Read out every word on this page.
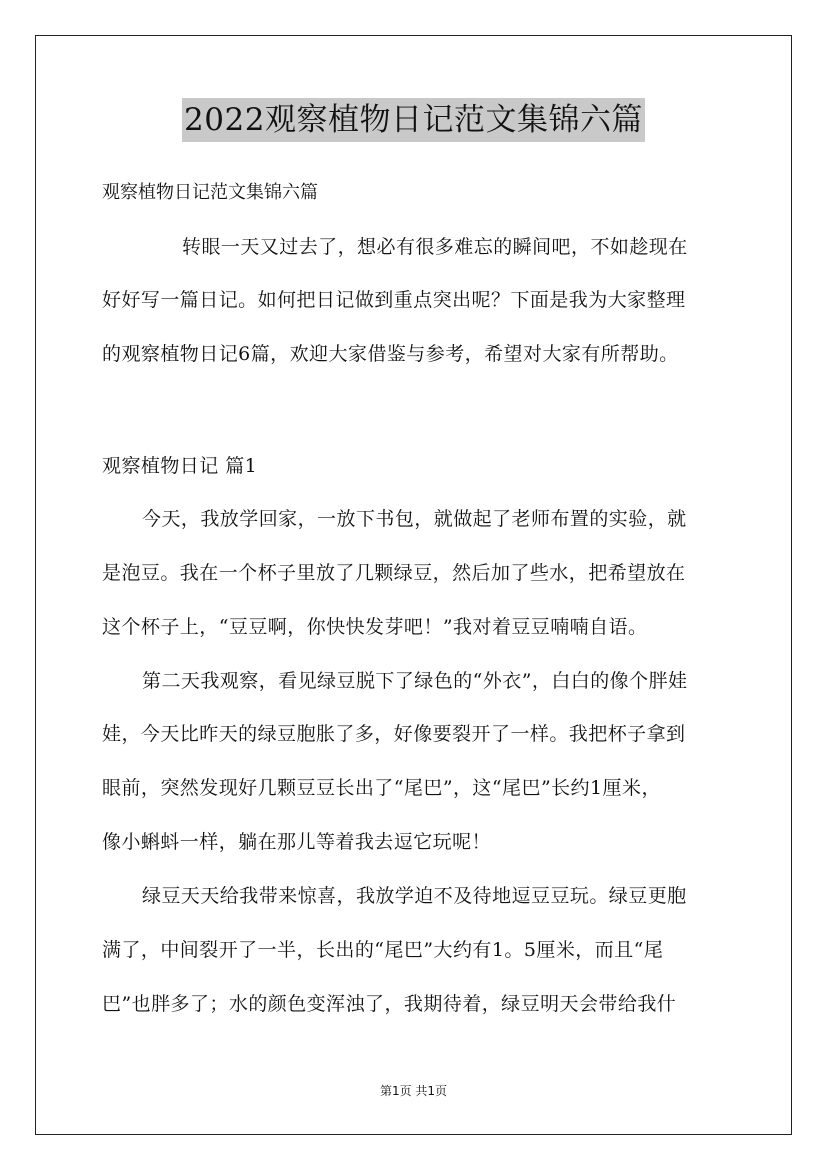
2022观察植物日记范文集锦六篇
观察植物日记范文集锦六篇
转眼一天又过去了，想必有很多难忘的瞬间吧，不如趁现在
好好写一篇日记。如何把日记做到重点突出呢？下面是我为大家整理
的观察植物日记6篇，欢迎大家借鉴与参考，希望对大家有所帮助。
观察植物日记 篇1
今天，我放学回家，一放下书包，就做起了老师布置的实验，就
是泡豆。我在一个杯子里放了几颗绿豆，然后加了些水，把希望放在
这个杯子上，“豆豆啊，你快快发芽吧！”我对着豆豆喃喃自语。
第二天我观察，看见绿豆脱下了绿色的“外衣”，白白的像个胖娃
娃，今天比昨天的绿豆胞胀了多，好像要裂开了一样。我把杯子拿到
眼前，突然发现好几颗豆豆长出了“尾巴”，这“尾巴”长约1厘米，
像小蝌蚪一样，躺在那儿等着我去逗它玩呢！
绿豆天天给我带来惊喜，我放学迫不及待地逗豆豆玩。绿豆更胞
满了，中间裂开了一半，长出的“尾巴”大约有1。5厘米，而且“尾
巴”也胖多了；水的颜色变浑浊了，我期待着，绿豆明天会带给我什
第1页 共1页
